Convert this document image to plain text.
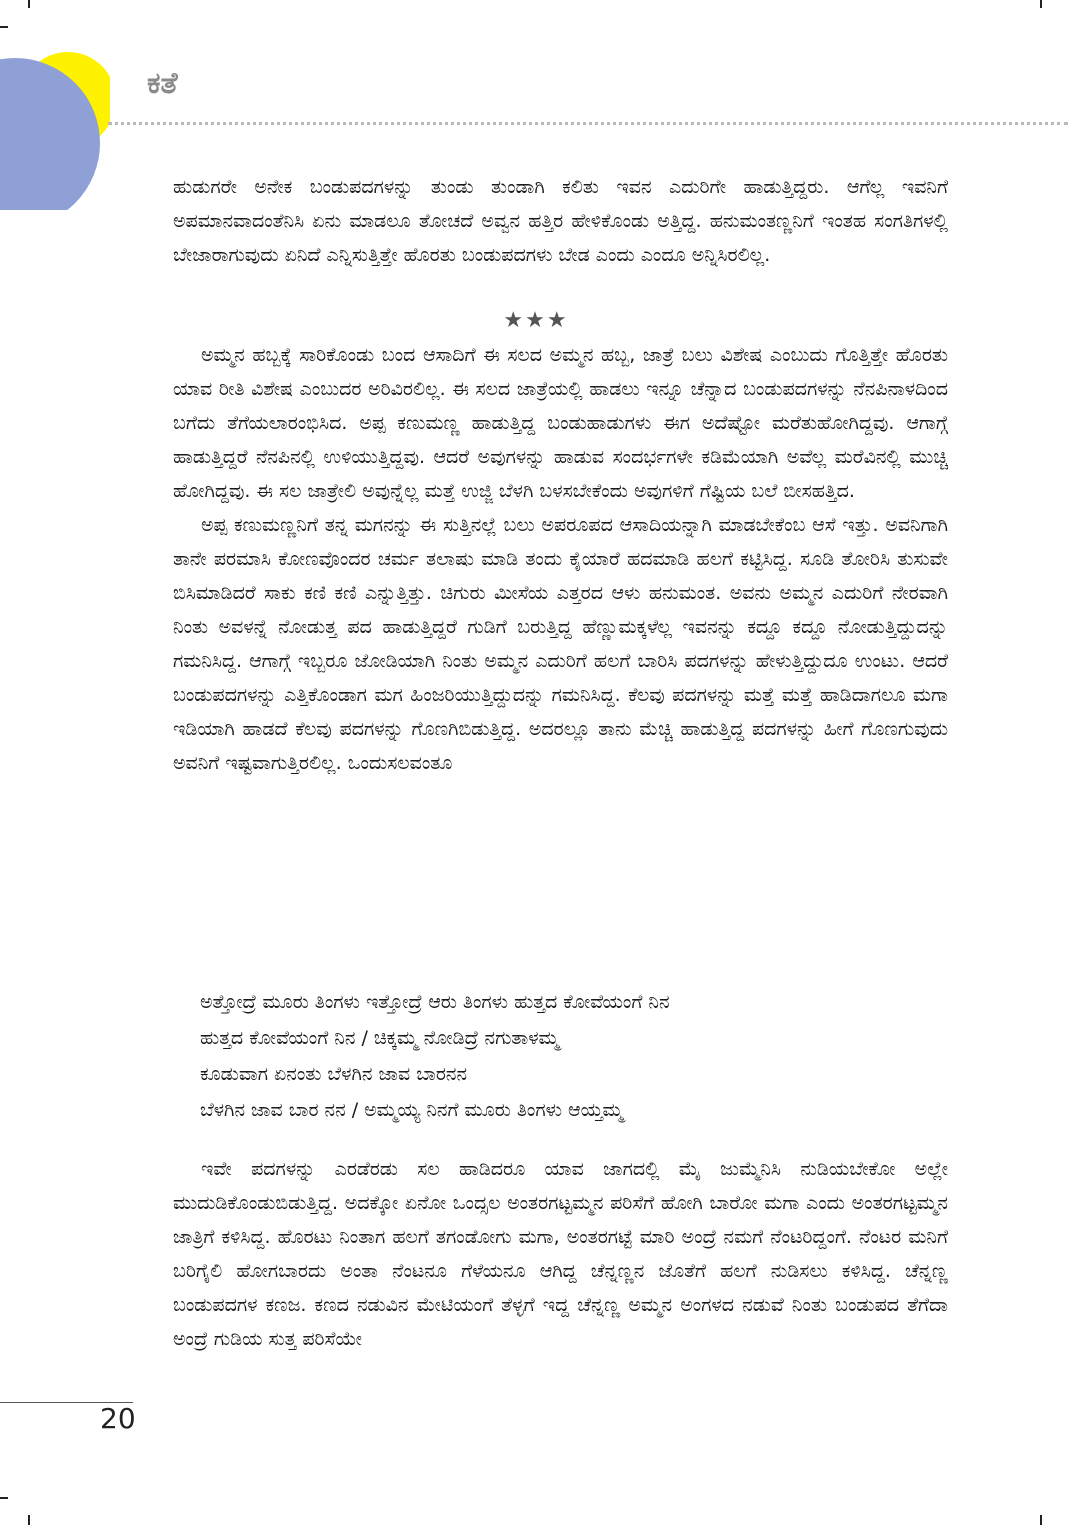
ಕತೆ
ಹುಡುಗರೇ ಅನೇಕ ಬಂಡುಪದಗಳನ್ನು ತುಂಡು ತುಂಡಾಗಿ ಕಲಿತು ಇವನ ಎದುರಿಗೇ ಹಾಡುತ್ತಿದ್ದರು. ಆಗೆಲ್ಲ ಇವನಿಗೆ ಅಪಮಾನವಾದಂತೆನಿಸಿ ಏನು ಮಾಡಲೂ ತೋಚದೆ ಅವ್ವನ ಹತ್ತಿರ ಹೇಳಿಕೊಂಡು ಅತ್ತಿದ್ದ. ಹನುಮಂತಣ್ಣನಿಗೆ ಇಂತಹ ಸಂಗತಿಗಳಲ್ಲಿ ಬೇಜಾರಾಗುವುದು ಏನಿದೆ ಎನ್ನಿಸುತ್ತಿತ್ತೇ ಹೊರತು ಬಂಡುಪದಗಳು ಬೇಡ ಎಂದು ಎಂದೂ ಅನ್ನಿಸಿರಲಿಲ್ಲ.
★★★

ಅಮ್ಮನ ಹಬ್ಬಕ್ಕೆ ಸಾರಿಕೊಂಡು ಬಂದ ಆಸಾದಿಗೆ ಈ ಸಲದ ಅಮ್ಮನ ಹಬ್ಬ, ಜಾತ್ರೆ ಬಲು ವಿಶೇಷ ಎಂಬುದು ಗೊತ್ತಿತ್ತೇ ಹೊರತು ಯಾವ ರೀತಿ ವಿಶೇಷ ಎಂಬುದರ ಅರಿವಿರಲಿಲ್ಲ. ಈ ಸಲದ ಜಾತ್ರೆಯಲ್ಲಿ ಹಾಡಲು ಇನ್ನೂ ಚೆನ್ನಾದ ಬಂಡುಪದಗಳನ್ನು ನೆನಪಿನಾಳದಿಂದ ಬಗೆದು ತೆಗೆಯಲಾರಂಭಿಸಿದ. ಅಪ್ಪ ಕಣುಮಣ್ಣ ಹಾಡುತ್ತಿದ್ದ ಬಂಡುಹಾಡುಗಳು ಈಗ ಅದೆಷ್ಟೋ ಮರೆತುಹೋಗಿದ್ದವು. ಆಗಾಗ್ಗೆ ಹಾಡುತ್ತಿದ್ದರೆ ನೆನಪಿನಲ್ಲಿ ಉಳಿಯುತ್ತಿದ್ದವು. ಆದರೆ ಅವುಗಳನ್ನು ಹಾಡುವ ಸಂದರ್ಭಗಳೇ ಕಡಿಮೆಯಾಗಿ ಅವೆಲ್ಲ ಮರೆವಿನಲ್ಲಿ ಮುಚ್ಚಿ ಹೋಗಿದ್ದವು. ಈ ಸಲ ಜಾತ್ರೇಲಿ ಅವುನ್ನೆಲ್ಲ ಮತ್ತೆ ಉಜ್ಜಿ ಬೆಳಗಿ ಬಳಸಬೇಕೆಂದು ಅವುಗಳಿಗೆ ಗೆಷ್ಟಿಯ ಬಲೆ ಬೀಸಹತ್ತಿದ.

ಅಪ್ಪ ಕಣುಮಣ್ಣನಿಗೆ ತನ್ನ ಮಗನನ್ನು ಈ ಸುತ್ತಿನಲ್ಲೆ ಬಲು ಅಪರೂಪದ ಆಸಾದಿಯನ್ನಾಗಿ ಮಾಡಬೇಕೆಂಬ ಆಸೆ ಇತ್ತು. ಅವನಿಗಾಗಿ ತಾನೇ ಪರಮಾಸಿ ಕೋಣವೊಂದರ ಚರ್ಮ ತಲಾಷು ಮಾಡಿ ತಂದು ಕೈಯಾರೆ ಹದಮಾಡಿ ಹಲಗೆ ಕಟ್ಟಿಸಿದ್ದ. ಸೂಡಿ ತೋರಿಸಿ ತುಸುವೇ ಬಿಸಿಮಾಡಿದರೆ ಸಾಕು ಕಣಿ ಕಣಿ ಎನ್ನುತ್ತಿತ್ತು. ಚಿಗುರು ಮೀಸೆಯ ಎತ್ತರದ ಆಳು ಹನುಮಂತ. ಅವನು ಅಮ್ಮನ ಎದುರಿಗೆ ನೇರವಾಗಿ ನಿಂತು ಅವಳನ್ನೆ ನೋಡುತ್ತ ಪದ ಹಾಡುತ್ತಿದ್ದರೆ ಗುಡಿಗೆ ಬರುತ್ತಿದ್ದ ಹೆಣ್ಣುಮಕ್ಕಳೆಲ್ಲ ಇವನನ್ನು ಕದ್ದೂ ಕದ್ದೂ ನೋಡುತ್ತಿದ್ದುದನ್ನು ಗಮನಿಸಿದ್ದ. ಆಗಾಗ್ಗೆ ಇಬ್ಬರೂ ಜೋಡಿಯಾಗಿ ನಿಂತು ಅಮ್ಮನ ಎದುರಿಗೆ ಹಲಗೆ ಬಾರಿಸಿ ಪದಗಳನ್ನು ಹೇಳುತ್ತಿದ್ದುದೂ ಉಂಟು. ಆದರೆ ಬಂಡುಪದಗಳನ್ನು ಎತ್ತಿಕೊಂಡಾಗ ಮಗ ಹಿಂಜರಿಯುತ್ತಿದ್ದುದನ್ನು ಗಮನಿಸಿದ್ದ. ಕೆಲವು ಪದಗಳನ್ನು ಮತ್ತೆ ಮತ್ತೆ ಹಾಡಿದಾಗಲೂ ಮಗಾ ಇಡಿಯಾಗಿ ಹಾಡದೆ ಕೆಲವು ಪದಗಳನ್ನು ಗೊಣಗಿಬಿಡುತ್ತಿದ್ದ. ಅದರಲ್ಲೂ ತಾನು ಮೆಚ್ಚಿ ಹಾಡುತ್ತಿದ್ದ ಪದಗಳನ್ನು ಹೀಗೆ ಗೊಣಗುವುದು ಅವನಿಗೆ ಇಷ್ಟವಾಗುತ್ತಿರಲಿಲ್ಲ. ಒಂದುಸಲವಂತೂ

ಅತ್ತೋದ್ರೆ ಮೂರು ತಿಂಗಳು ಇತ್ತೋದ್ರೆ ಆರು ತಿಂಗಳು ಹುತ್ತದ ಕೋವೆಯಂಗೆ ನಿನ
ಹುತ್ತದ ಕೋವೆಯಂಗೆ ನಿನ / ಚಿಕ್ಕಮ್ಮ ನೋಡಿದ್ರೆ ನಗುತಾಳಮ್ಮ
ಕೂಡುವಾಗ ಏನಂತು ಬೆಳಗಿನ ಜಾವ ಬಾರನನ
ಬೆಳಗಿನ ಜಾವ ಬಾರ ನನ / ಅಮ್ಮಯ್ಯ ನಿನಗೆ ಮೂರು ತಿಂಗಳು ಆಯ್ತಮ್ಮ

ಇವೇ ಪದಗಳನ್ನು ಎರಡೆರಡು ಸಲ ಹಾಡಿದರೂ ಯಾವ ಜಾಗದಲ್ಲಿ ಮೈ ಜುಮ್ಮೆನಿಸಿ ನುಡಿಯಬೇಕೋ ಅಲ್ಲೇ ಮುದುಡಿಕೊಂಡುಬಿಡುತ್ತಿದ್ದ. ಅದಕ್ಕೋ ಏನೋ ಒಂದ್ಸಲ ಅಂತರಗಟ್ಟಮ್ಮನ ಪರಿಸೆಗೆ ಹೋಗಿ ಬಾರೋ ಮಗಾ ಎಂದು ಅಂತರಗಟ್ಟಮ್ಮನ ಜಾತ್ರಿಗೆ ಕಳಿಸಿದ್ದ. ಹೊರಟು ನಿಂತಾಗ ಹಲಗೆ ತಗಂಡೋಗು ಮಗಾ, ಅಂತರಗಟ್ಟೆ ಮಾರಿ ಅಂದ್ರೆ ನಮಗೆ ನೆಂಟರಿದ್ದಂಗೆ. ನೆಂಟರ ಮನಿಗೆ ಬರಿಗೈಲಿ ಹೋಗಬಾರದು ಅಂತಾ ನೆಂಟನೂ ಗೆಳೆಯನೂ ಆಗಿದ್ದ ಚೆನ್ನಣ್ಣನ ಜೊತೆಗೆ ಹಲಗೆ ನುಡಿಸಲು ಕಳಿಸಿದ್ದ. ಚೆನ್ನಣ್ಣ ಬಂಡುಪದಗಳ ಕಣಜ. ಕಣದ ನಡುವಿನ ಮೇಟಿಯಂಗೆ ತೆಳ್ಳಗೆ ಇದ್ದ ಚೆನ್ನಣ್ಣ ಅಮ್ಮನ ಅಂಗಳದ ನಡುವೆ ನಿಂತು ಬಂಡುಪದ ತೆಗೆದಾ ಅಂದ್ರೆ ಗುಡಿಯ ಸುತ್ತ ಪರಿಸೆಯೇ

20
